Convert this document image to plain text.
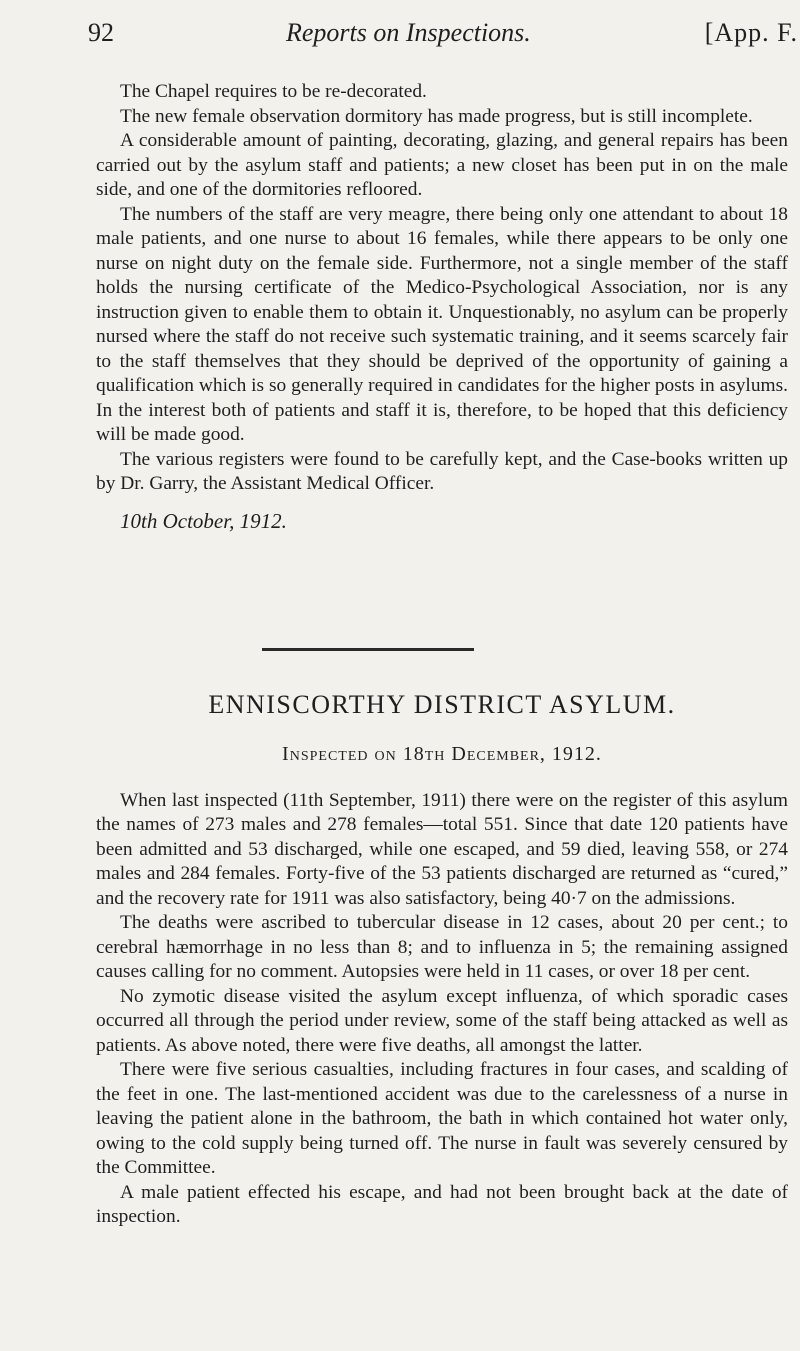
92	Reports on Inspections.	[App. F.

The Chapel requires to be re-decorated.

The new female observation dormitory has made progress, but is still incomplete.

A considerable amount of painting, decorating, glazing, and general repairs has been carried out by the asylum staff and patients; a new closet has been put in on the male side, and one of the dormitories refloored.

The numbers of the staff are very meagre, there being only one attendant to about 18 male patients, and one nurse to about 16 females, while there appears to be only one nurse on night duty on the female side. Furthermore, not a single member of the staff holds the nursing certificate of the Medico-Psychological Association, nor is any instruction given to enable them to obtain it. Unquestionably, no asylum can be properly nursed where the staff do not receive such systematic training, and it seems scarcely fair to the staff themselves that they should be deprived of the opportunity of gaining a qualification which is so generally required in candidates for the higher posts in asylums. In the interest both of patients and staff it is, therefore, to be hoped that this deficiency will be made good.

The various registers were found to be carefully kept, and the Case-books written up by Dr. Garry, the Assistant Medical Officer.

10th October, 1912.

ENNISCORTHY DISTRICT ASYLUM.
Inspected on 18th December, 1912.

When last inspected (11th September, 1911) there were on the register of this asylum the names of 273 males and 278 females—total 551. Since that date 120 patients have been admitted and 53 discharged, while one escaped, and 59 died, leaving 558, or 274 males and 284 females. Forty-five of the 53 patients discharged are returned as “cured,” and the recovery rate for 1911 was also satisfactory, being 40·7 on the admissions.

The deaths were ascribed to tubercular disease in 12 cases, about 20 per cent.; to cerebral hæmorrhage in no less than 8; and to influenza in 5; the remaining assigned causes calling for no comment. Autopsies were held in 11 cases, or over 18 per cent.

No zymotic disease visited the asylum except influenza, of which sporadic cases occurred all through the period under review, some of the staff being attacked as well as patients. As above noted, there were five deaths, all amongst the latter.

There were five serious casualties, including fractures in four cases, and scalding of the feet in one. The last-mentioned accident was due to the carelessness of a nurse in leaving the patient alone in the bathroom, the bath in which contained hot water only, owing to the cold supply being turned off. The nurse in fault was severely censured by the Committee.

A male patient effected his escape, and had not been brought back at the date of inspection.
